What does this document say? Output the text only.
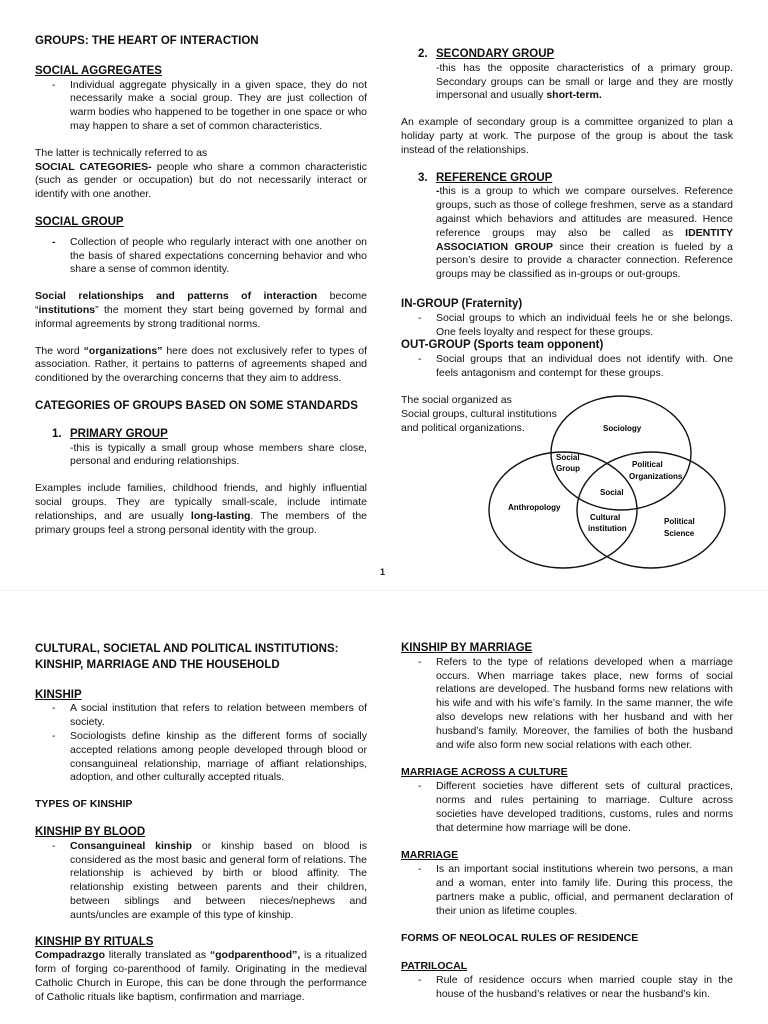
GROUPS: THE HEART OF INTERACTION

SOCIAL AGGREGATES

- Individual aggregate physically in a given space, they do not necessarily make a social group. They are just collection of warm bodies who happened to be together in one space or who may happen to share a set of common characteristics.

The latter is technically referred to as

SOCIAL CATEGORIES- people who share a common characteristic (such as gender or occupation) but do not necessarily interact or identify with one another.

SOCIAL GROUP

- Collection of people who regularly interact with one another on the basis of shared expectations concerning behavior and who share a sense of common identity.

Social relationships and patterns of interaction become “institutions” the moment they start being governed by formal and informal agreements by strong traditional norms.

The word “organizations” here does not exclusively refer to types of association. Rather, it pertains to patterns of agreements shaped and conditioned by the overarching concerns that they aim to address.

CATEGORIES OF GROUPS BASED ON SOME STANDARDS

1. PRIMARY GROUP

-this is typically a small group whose members share close, personal and enduring relationships.

Examples include families, childhood friends, and highly influential social groups. They are typically small-scale, include intimate relationships, and are usually long-lasting. The members of the primary groups feel a strong personal identity with the group.

2. SECONDARY GROUP

-this has the opposite characteristics of a primary group. Secondary groups can be small or large and they are mostly impersonal and usually short-term.

An example of secondary group is a committee organized to plan a holiday party at work. The purpose of the group is about the task instead of the relationships.

3. REFERENCE GROUP

-this is a group to which we compare ourselves. Reference groups, such as those of college freshmen, serve as a standard against which behaviors and attitudes are measured. Hence reference groups may also be called as IDENTITY ASSOCIATION GROUP since their creation is fueled by a person’s desire to provide a character connection. Reference groups may be classified as in-groups or out-groups.

IN-GROUP (Fraternity)

- Social groups to which an individual feels he or she belongs. One feels loyalty and respect for these groups.

OUT-GROUP (Sports team opponent)

- Social groups that an individual does not identify with. One feels antagonism and contempt for these groups.

The social organized as

Social groups, cultural institutions

and political organizations.	Sociology
Social
Group	Political
Organizations
Social
Anthropology
Cultural
institution
Political
Science
1

CULTURAL, SOCIETAL AND POLITICAL INSTITUTIONS:

KINSHIP, MARRIAGE AND THE HOUSEHOLD

KINSHIP

- A social institution that refers to relation between members of society.
- Sociologists define kinship as the different forms of socially accepted relations among people developed through blood or consanguineal relationship, marriage of affiant relationships, adoption, and other culturally accepted rituals.

TYPES OF KINSHIP

KINSHIP BY BLOOD

- Consanguineal kinship or kinship based on blood is considered as the most basic and general form of relations. The relationship is achieved by birth or blood affinity. The relationship existing between parents and their children, between siblings and between nieces/nephews and aunts/uncles are example of this type of kinship.

KINSHIP BY RITUALS

Compadrazgo literally translated as “godparenthood”, is a ritualized form of forging co-parenthood of family. Originating in the medieval Catholic Church in Europe, this can be done through the performance of Catholic rituals like baptism, confirmation and marriage.

KINSHIP BY MARRIAGE

- Refers to the type of relations developed when a marriage occurs. When marriage takes place, new forms of social relations are developed. The husband forms new relations with his wife and with his wife’s family. In the same manner, the wife also develops new relations with her husband and with her husband’s family. Moreover, the families of both the husband and wife also form new social relations with each other.

MARRIAGE ACROSS A CULTURE

- Different societies have different sets of cultural practices, norms and rules pertaining to marriage. Culture across societies have developed traditions, customs, rules and norms that determine how marriage will be done.

MARRIAGE

- Is an important social institutions wherein two persons, a man and a woman, enter into family life. During this process, the partners make a public, official, and permanent declaration of their union as lifetime couples.

FORMS OF NEOLOCAL RULES OF RESIDENCE

PATRILOCAL

- Rule of residence occurs when married couple stay in the house of the husband’s relatives or near the husband’s kin.
